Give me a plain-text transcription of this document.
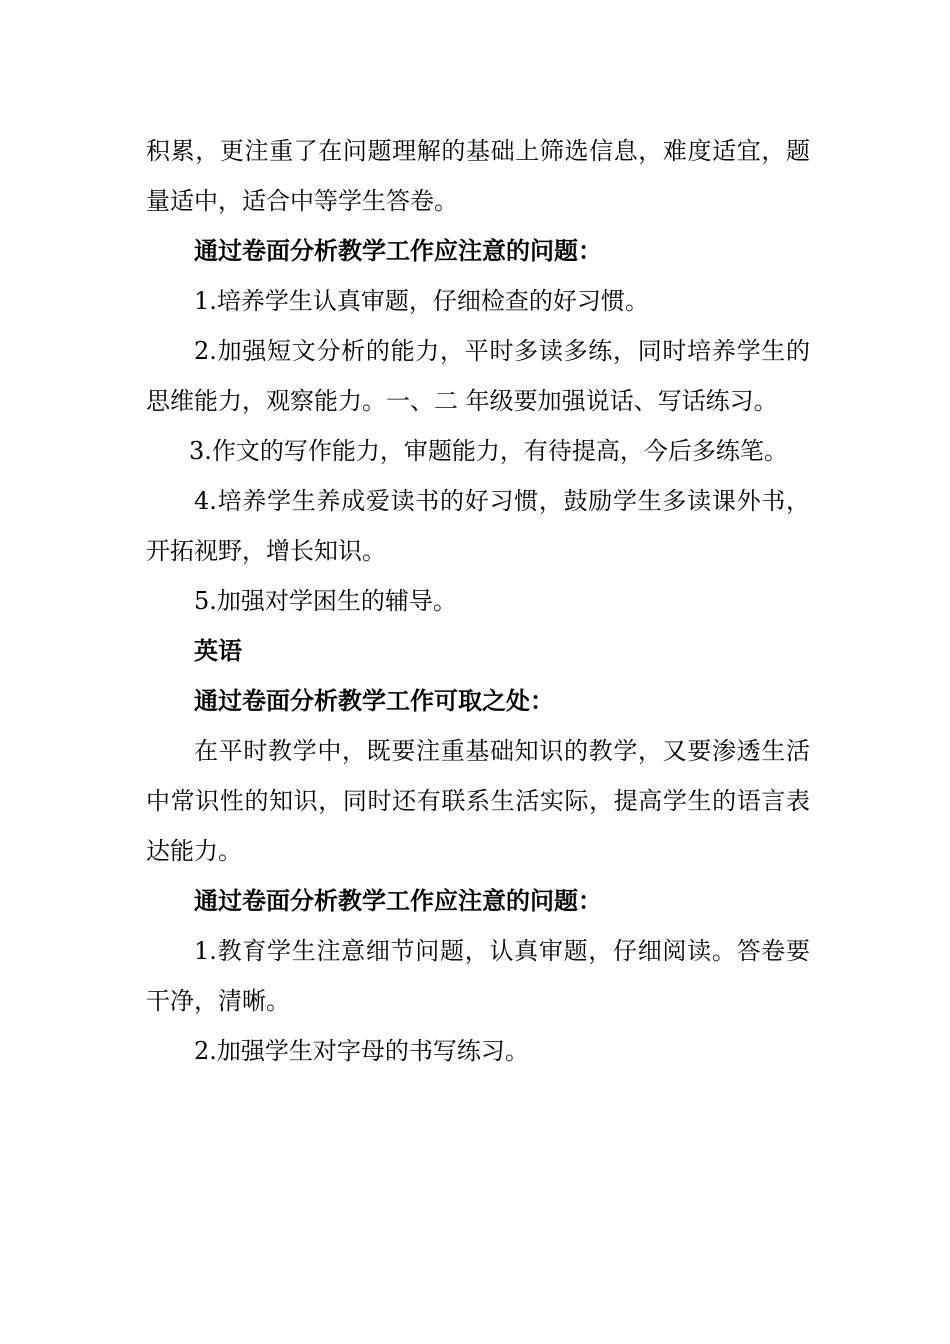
积累，更注重了在问题理解的基础上筛选信息，难度适宜，题量适中，适合中等学生答卷。

通过卷面分析教学工作应注意的问题：

1.培养学生认真审题，仔细检查的好习惯。

2.加强短文分析的能力，平时多读多练，同时培养学生的思维能力，观察能力。一、二 年级要加强说话、写话练习。

3.作文的写作能力，审题能力，有待提高，今后多练笔。

4.培养学生养成爱读书的好习惯，鼓励学生多读课外书，开拓视野，增长知识。

5.加强对学困生的辅导。

英语

通过卷面分析教学工作可取之处：

在平时教学中，既要注重基础知识的教学，又要渗透生活中常识性的知识，同时还有联系生活实际，提高学生的语言表达能力。

通过卷面分析教学工作应注意的问题：

1.教育学生注意细节问题，认真审题，仔细阅读。答卷要干净，清晰。

2.加强学生对字母的书写练习。
